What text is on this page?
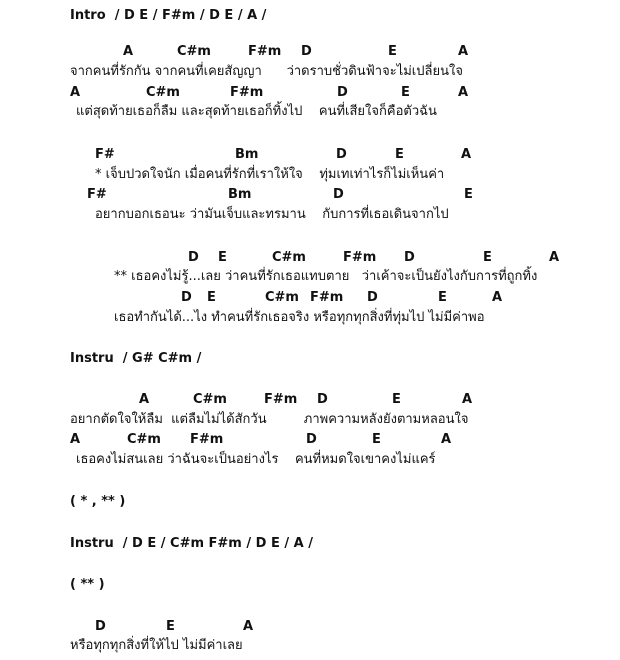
Intro  / D E / F#m / D E / A /
A	C#m	F#m D	E	A
จากคนที่รักกัน จากคนที่เคยสัญญา      ว่าดราบชั่วดินฟ้าจะไม่เปลี่ยนใจ
A	C#m	F#m	D	E	A
แต่สุดท้ายเธอก็ลืม และสุดท้ายเธอก็ทิ้งไป    คนที่เสียใจก็คือตัวฉัน
F#	Bm	D	E	A
* เจ็บปวดใจนัก เมื่อคนที่รักที่เราให้ใจ    ทุ่มเทเท่าไรก็ไม่เห็นค่า
F#	Bm	D	E
อยากบอกเธอนะ ว่ามันเจ็บและทรมาน    กับการที่เธอเดินจากไป
D E	C#m	F#m D	E	A
** เธอคงไม่รู้...เลย ว่าคนที่รักเธอแทบตาย   ว่าเค้าจะเป็นยังไงกับการที่ถูกทิ้ง
D E	C#m F#m D	E	A
เธอทำกันได้...ไง ทำคนที่รักเธอจริง หรือทุกทุกสิ่งที่ทุ่มไป ไม่มีค่าพอ
Instru  / G# C#m /
A	C#m	F#m D	E	A
อยากตัดใจให้ลืม  แต่ลืมไม่ได้สักวัน         ภาพความหลังยังตามหลอนใจ
A	C#m F#m	D	E	A
เธอคงไม่สนเลย ว่าฉันจะเป็นอย่างไร    คนที่หมดใจเขาคงไม่แคร์
( * , ** )
Instru  / D E / C#m F#m / D E / A /
( ** )
D	E	A
หรือทุกทุกสิ่งที่ให้ไป ไม่มีค่าเลย
